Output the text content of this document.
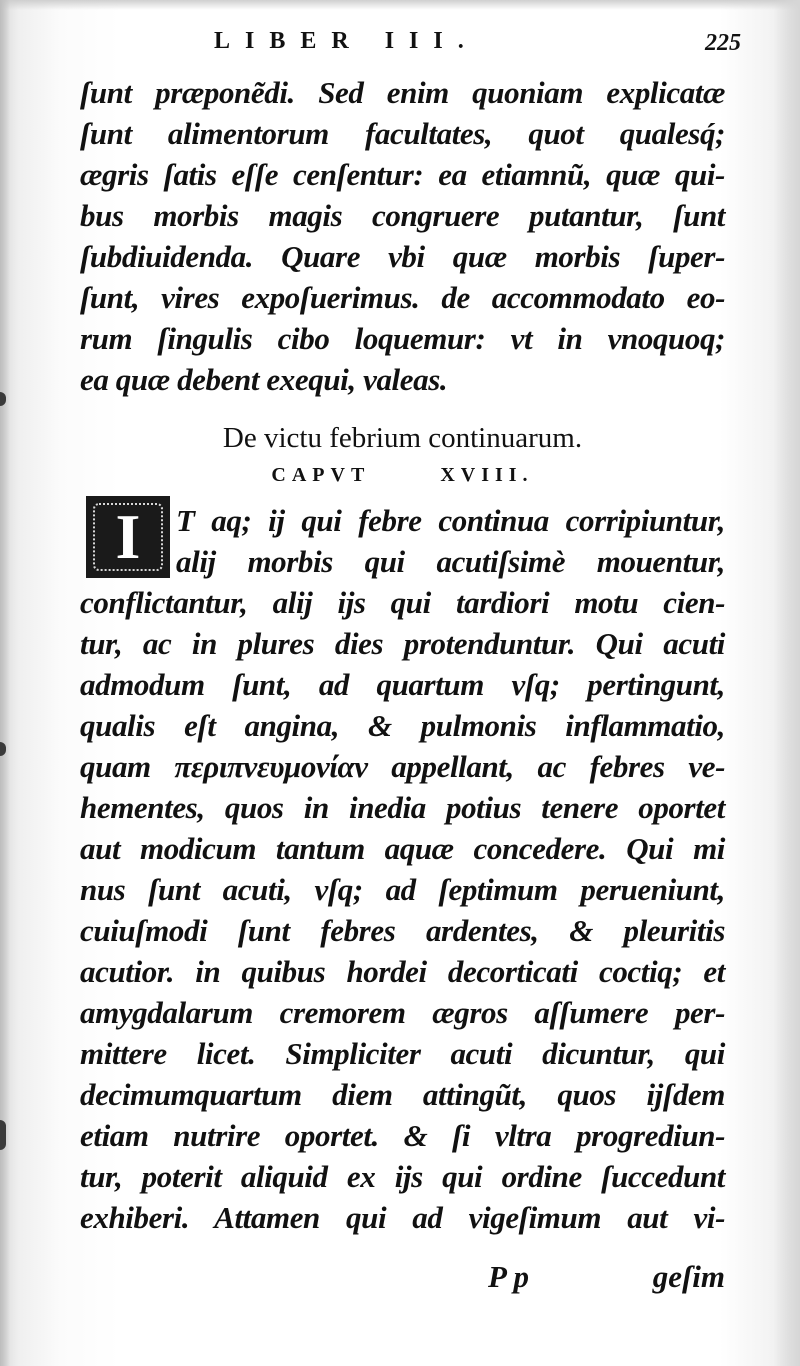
LIBER III.	225
ſunt præponẽdi. Sed enim quoniam explicatæ
ſunt alimentorum facultates, quot qualesq́;
ægris ſatis eſſe cenſentur: ea etiamnũ, quæ qui-
bus morbis magis congruere putantur, ſunt
ſubdiuidenda. Quare vbi quæ morbis ſuper-
ſunt, vires expoſuerimus. de accommodato eo-
rum ſingulis cibo loquemur: vt in vnoquoq;
ea quæ debent exequi, valeas.
De victu febrium continuarum.
CAPVT	XVIII.
I	T aq; ij qui febre continua corripiuntur,
alij morbis qui acutiſsimè mouentur,
conflictantur, alij ijs qui tardiori motu cien-
tur, ac in plures dies protenduntur. Qui acuti
admodum ſunt, ad quartum vſq; pertingunt,
qualis eſt angina, & pulmonis inflammatio,
quam περιπνευμονίαν appellant, ac febres ve-
hementes, quos in inedia potius tenere oportet
aut modicum tantum aquæ concedere. Qui mi
nus ſunt acuti, vſq; ad ſeptimum perueniunt,
cuiuſmodi ſunt febres ardentes, & pleuritis
acutior. in quibus hordei decorticati coctiq; et
amygdalarum cremorem ægros aſſumere per-
mittere licet. Simpliciter acuti dicuntur, qui
decimumquartum diem attingũt, quos ijſdem
etiam nutrire oportet. & ſi vltra progrediun-
tur, poterit aliquid ex ijs qui ordine ſuccedunt
exhiberi. Attamen qui ad vigeſimum aut vi-
P p	geſim
